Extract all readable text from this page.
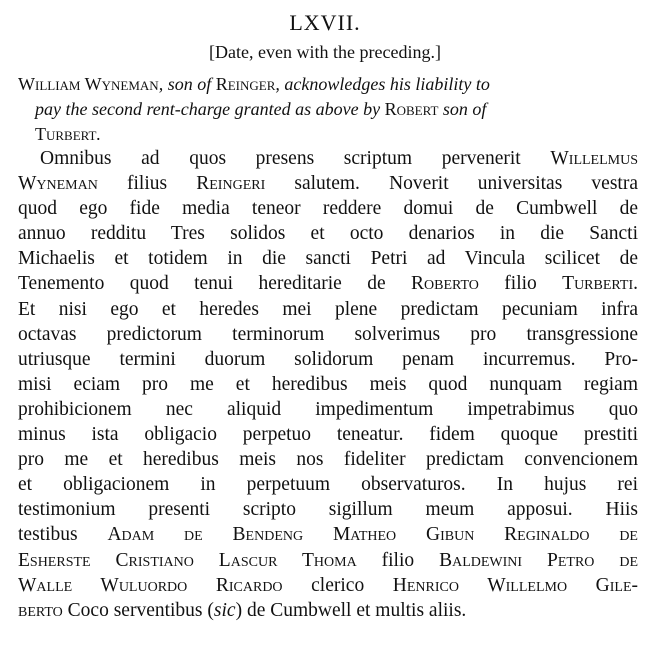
LXVII.
[Date, even with the preceding.]
William Wyneman, son of Reinger, acknowledges his liability to
pay the second rent-charge granted as above by Robert son of
Turbert.
Omnibus ad quos presens scriptum pervenerit Willelmus
Wyneman filius Reingeri salutem. Noverit universitas vestra
quod ego fide media teneor reddere domui de Cumbwell de
annuo redditu Tres solidos et octo denarios in die Sancti
Michaelis et totidem in die sancti Petri ad Vincula scilicet de
Tenemento quod tenui hereditarie de Roberto filio Turberti.
Et nisi ego et heredes mei plene predictam pecuniam infra
octavas predictorum terminorum solverimus pro transgressione
utriusque termini duorum solidorum penam incurremus. Pro-
misi eciam pro me et heredibus meis quod nunquam regiam
prohibicionem nec aliquid impedimentum impetrabimus quo
minus ista obligacio perpetuo teneatur. fidem quoque prestiti
pro me et heredibus meis nos fideliter predictam convencionem
et obligacionem in perpetuum observaturos. In hujus rei
testimonium presenti scripto sigillum meum apposui. Hiis
testibus Adam de Bendeng Matheo Gibun Reginaldo de
Esherste Cristiano Lascur Thoma filio Baldewini Petro de
Walle Wuluordo Ricardo clerico Henrico Willelmo Gile-
berto Coco serventibus (sic) de Cumbwell et multis aliis.
